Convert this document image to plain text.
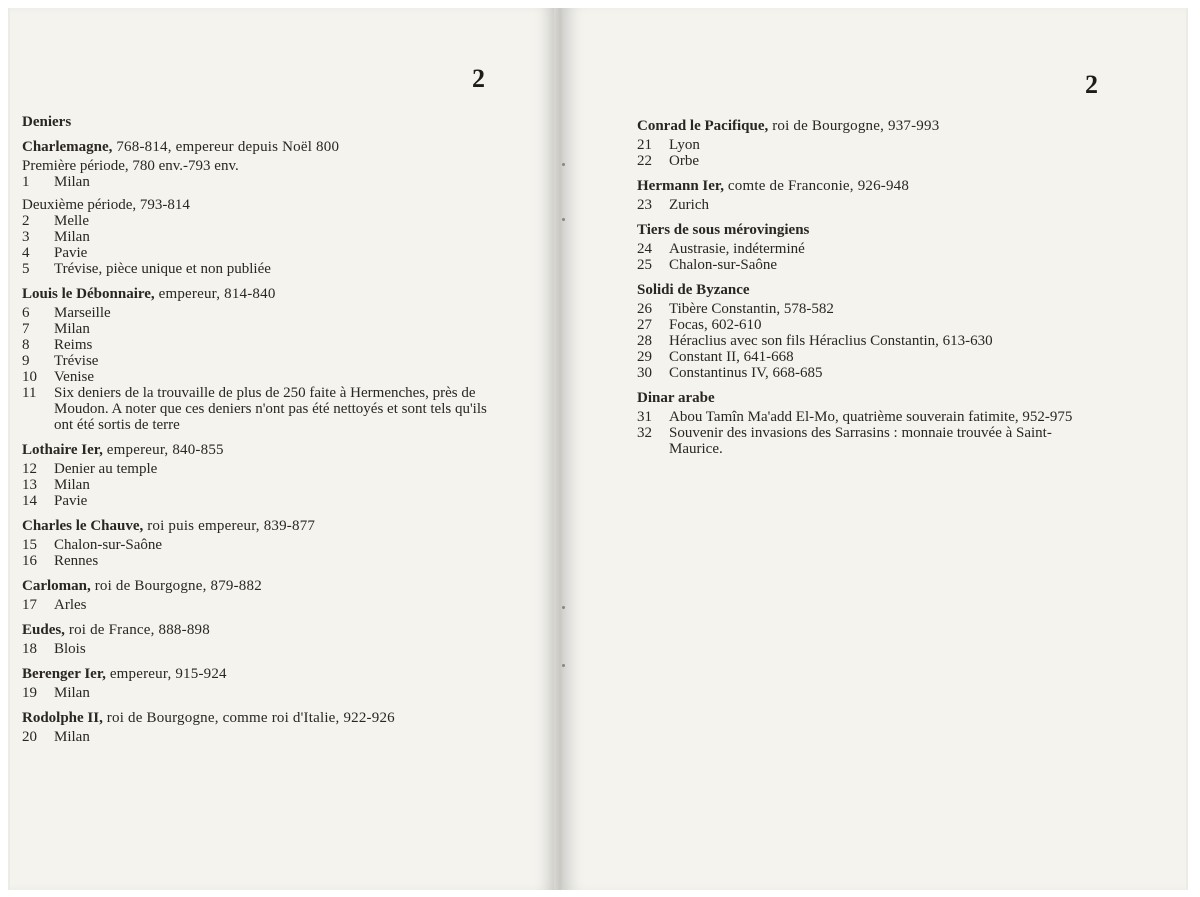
2	2
Deniers
Charlemagne, 768-814, empereur depuis Noël 800
Première période, 780 env.-793 env.
1	Milan
Deuxième période, 793-814
2	Melle
3	Milan
4	Pavie
5	Trévise, pièce unique et non publiée
Louis le Débonnaire, empereur, 814-840
6	Marseille
7	Milan
8	Reims
9	Trévise
10	Venise
11	Six deniers de la trouvaille de plus de 250 faite à Hermenches, près de Moudon. A noter que ces deniers n'ont pas été nettoyés et sont tels qu'ils ont été sortis de terre
Lothaire Ier, empereur, 840-855
12	Denier au temple
13	Milan
14	Pavie
Charles le Chauve, roi puis empereur, 839-877
15	Chalon-sur-Saône
16	Rennes
Carloman, roi de Bourgogne, 879-882
17	Arles
Eudes, roi de France, 888-898
18	Blois
Berenger Ier, empereur, 915-924
19	Milan
Rodolphe II, roi de Bourgogne, comme roi d'Italie, 922-926
20	Milan
Conrad le Pacifique, roi de Bourgogne, 937-993
21	Lyon
22	Orbe
Hermann Ier, comte de Franconie, 926-948
23	Zurich
Tiers de sous mérovingiens
24	Austrasie, indéterminé
25	Chalon-sur-Saône
Solidi de Byzance
26	Tibère Constantin, 578-582
27	Focas, 602-610
28	Héraclius avec son fils Héraclius Constantin, 613-630
29	Constant II, 641-668
30	Constantinus IV, 668-685
Dinar arabe
31	Abou Tamîn Ma'add El-Mo, quatrième souverain fatimite, 952-975
32	Souvenir des invasions des Sarrasins : monnaie trouvée à Saint-Maurice.
